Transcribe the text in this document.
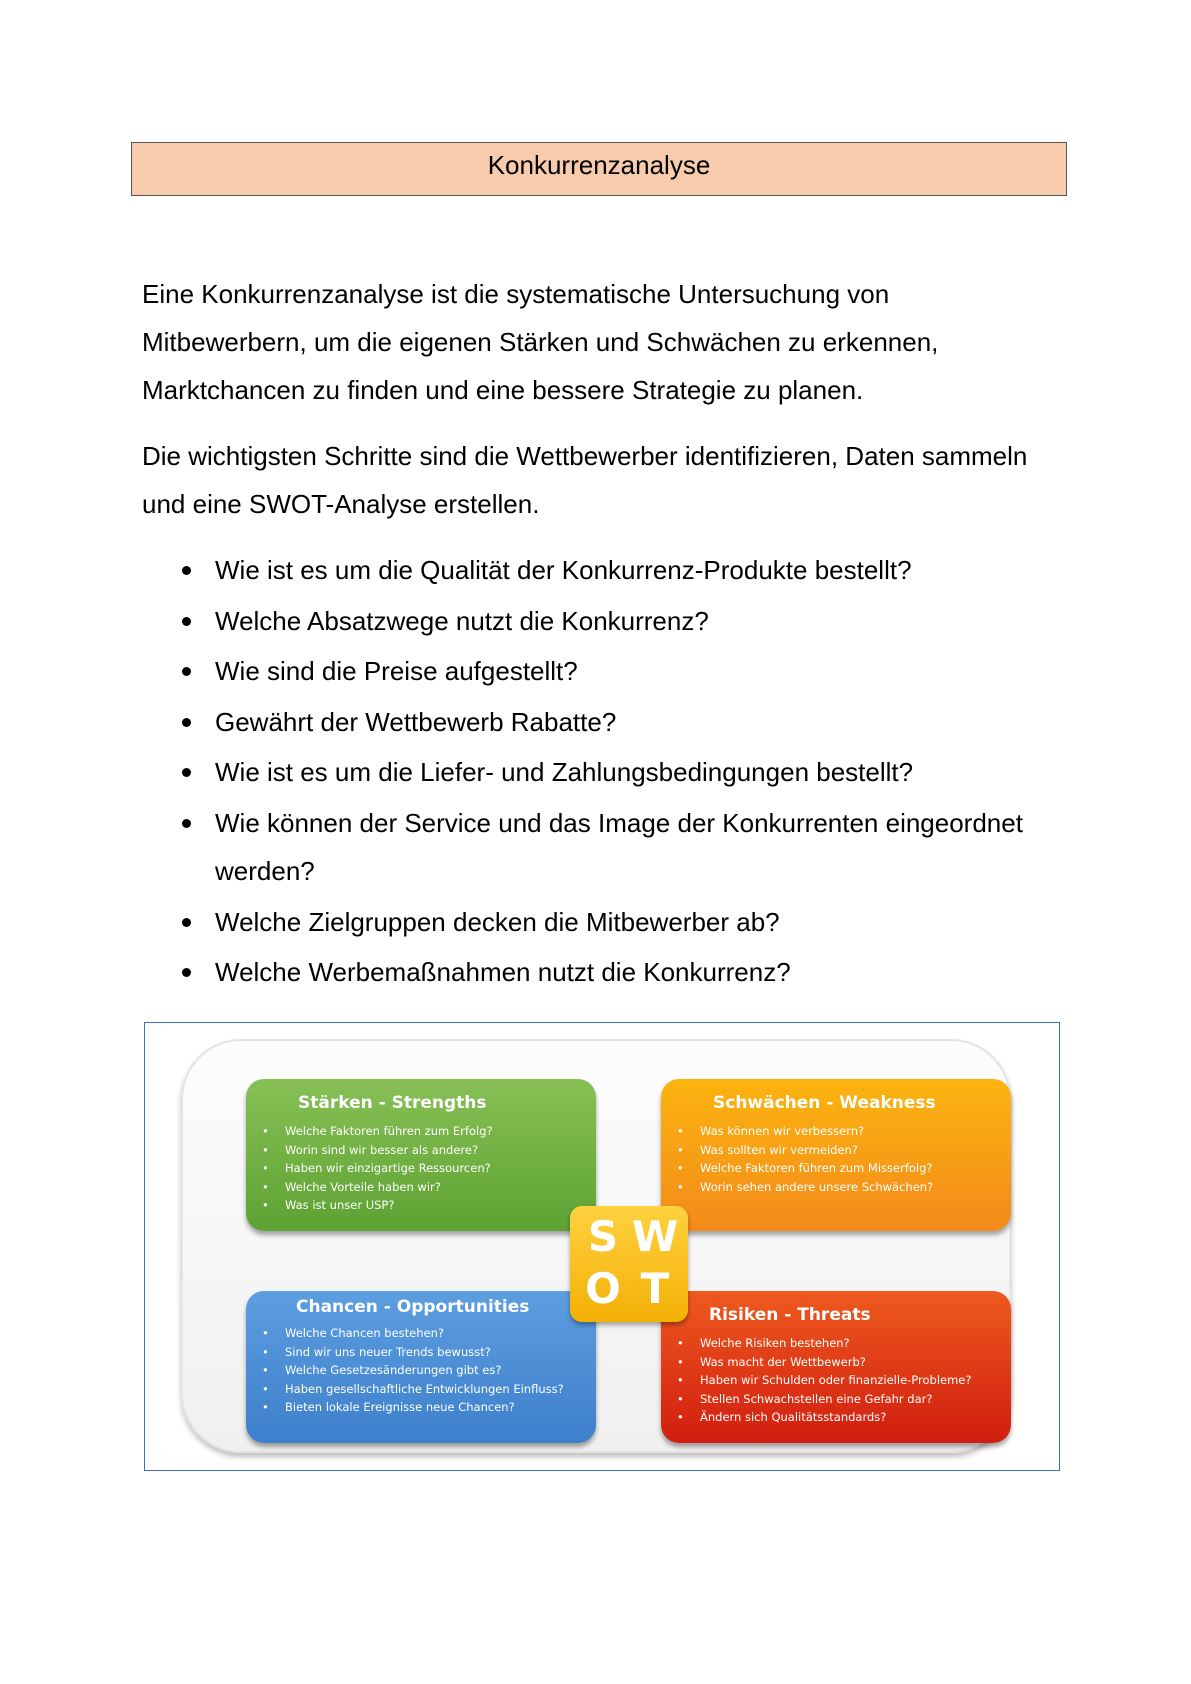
Konkurrenzanalyse

Eine Konkurrenzanalyse ist die systematische Untersuchung von Mitbewerbern, um die eigenen Stärken und Schwächen zu erkennen, Marktchancen zu finden und eine bessere Strategie zu planen.

Die wichtigsten Schritte sind die Wettbewerber identifizieren, Daten sammeln und eine SWOT-Analyse erstellen.

Wie ist es um die Qualität der Konkurrenz-Produkte bestellt?
Welche Absatzwege nutzt die Konkurrenz?
Wie sind die Preise aufgestellt?
Gewährt der Wettbewerb Rabatte?
Wie ist es um die Liefer- und Zahlungsbedingungen bestellt?
Wie können der Service und das Image der Konkurrenten eingeordnet werden?
Welche Zielgruppen decken die Mitbewerber ab?
Welche Werbemaßnahmen nutzt die Konkurrenz?
Stärken - Strengths
• Welche Faktoren führen zum Erfolg?
• Worin sind wir besser als andere?
• Haben wir einzigartige Ressourcen?
• Welche Vorteile haben wir?
• Was ist unser USP?
Schwächen - Weakness
• Was können wir verbessern?
• Was sollten wir vermeiden?
• Welche Faktoren führen zum Misserfolg?
• Worin sehen andere unsere Schwächen?
Chancen - Opportunities
• Welche Chancen bestehen?
• Sind wir uns neuer Trends bewusst?
• Welche Gesetzesänderungen gibt es?
• Haben gesellschaftliche Entwicklungen Einfluss?
• Bieten lokale Ereignisse neue Chancen?
Risiken - Threats
• Welche Risiken bestehen?
• Was macht der Wettbewerb?
• Haben wir Schulden oder finanzielle-Probleme?
• Stellen Schwachstellen eine Gefahr dar?
• Ändern sich Qualitätsstandards?
S W
O T
